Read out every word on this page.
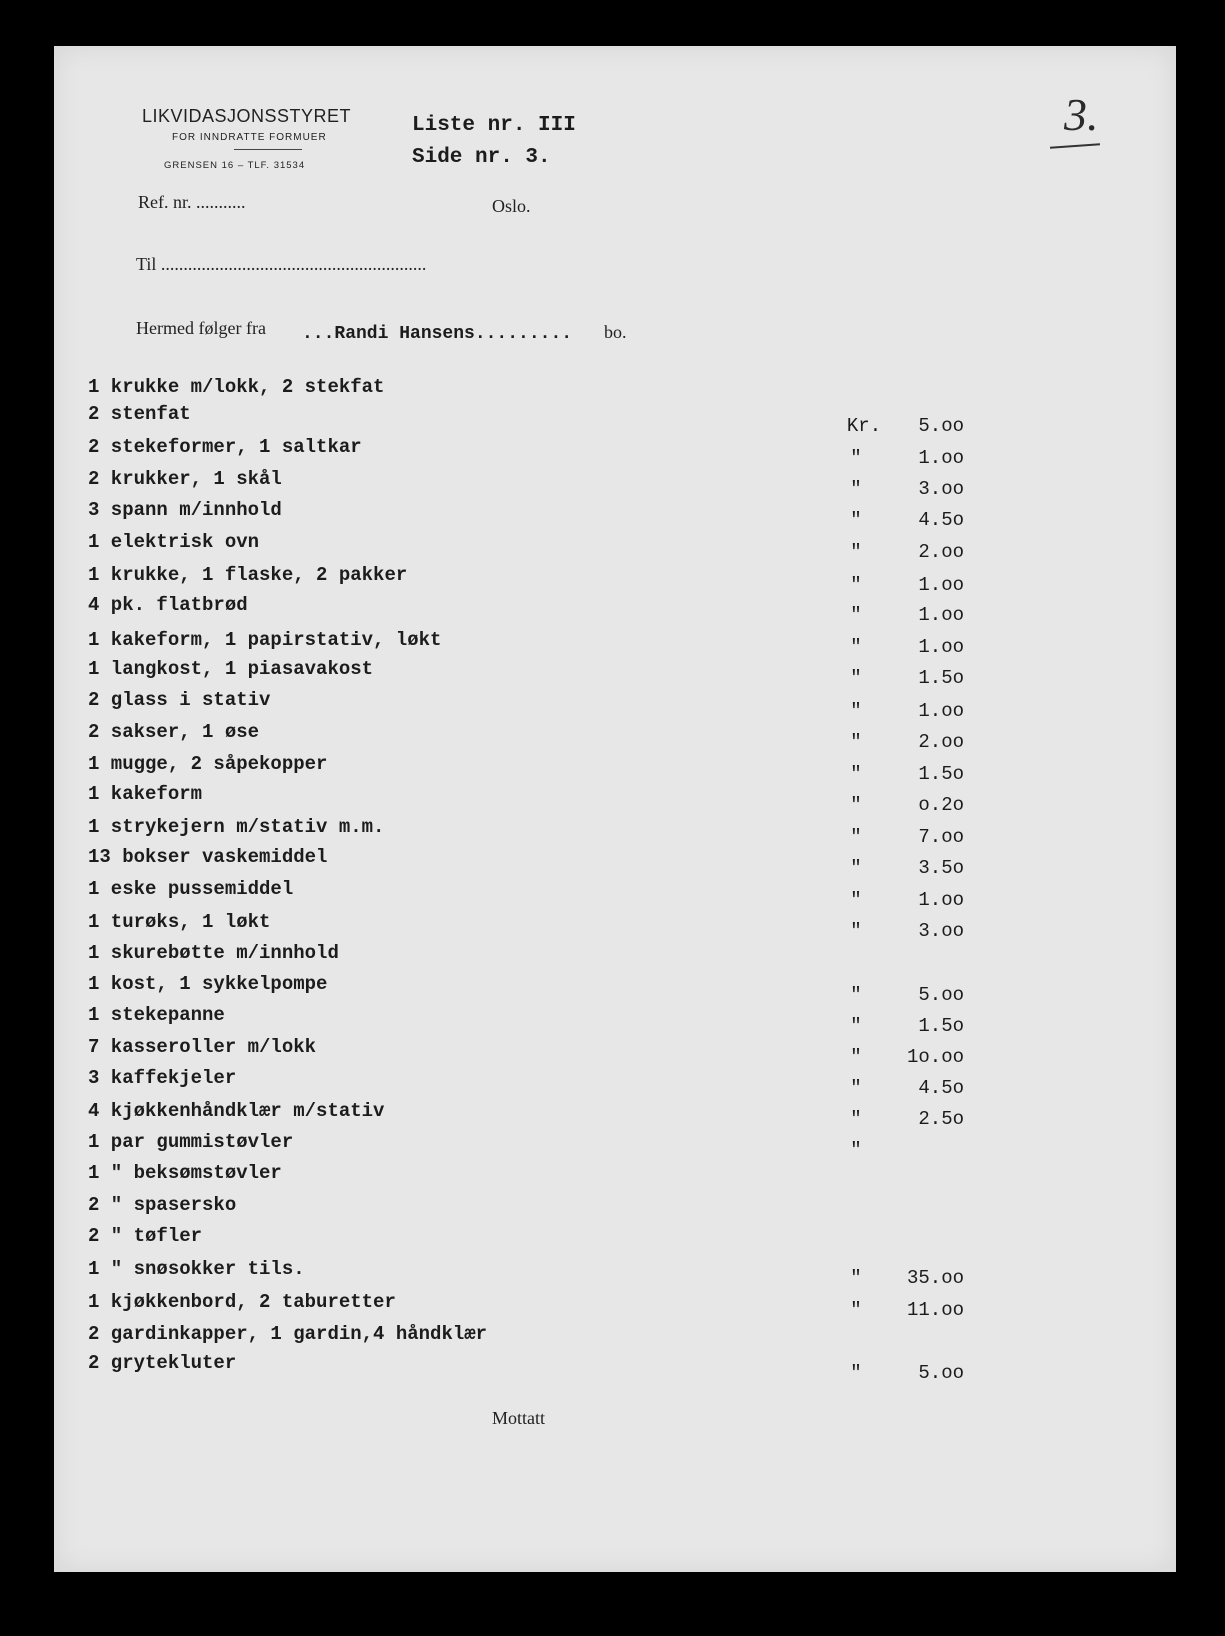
LIKVIDASJONSSTYRET
FOR INNDRATTE FORMUER
GRENSEN 16 – TLF. 31534
Liste nr. III
Side nr. 3.
3.
Ref. nr. ...........	Oslo.
Til ...........................................................
Hermed følger fra ...Randi Hansens......... bo.
1 krukke m/lokk, 2 stekfat
2 stenfat
Kr.	5.oo
2 stekeformer, 1 saltkar	"	1.oo
2 krukker, 1 skål	"	3.oo
3 spann m/innhold	"	4.5o
1 elektrisk ovn	"	2.oo
1 krukke, 1 flaske, 2 pakker	"	1.oo
4 pk. flatbrød	"	1.oo
1 kakeform, 1 papirstativ, løkt	"	1.oo
1 langkost, 1 piasavakost	"	1.5o
2 glass i stativ	"	1.oo
2 sakser, 1 øse	"	2.oo
1 mugge, 2 såpekopper	"	1.5o
1 kakeform	"	o.2o
1 strykejern m/stativ m.m.	"	7.oo
13 bokser vaskemiddel	"	3.5o
1 eske pussemiddel	"	1.oo
1 turøks, 1 løkt	"	3.oo
1 skurebøtte m/innhold
1 kost, 1 sykkelpompe	"	5.oo
1 stekepanne	"	1.5o
7 kasseroller m/lokk	"	1o.oo
3 kaffekjeler	"	4.5o
4 kjøkkenhåndklær m/stativ	"	2.5o
1 par gummistøvler	"
1 " beksømstøvler
2 " spasersko
2 " tøfler
1 " snøsokker tils.	"	35.oo
1 kjøkkenbord, 2 taburetter	"	11.oo
2 gardinkapper, 1 gardin,4 håndklær
2 grytekluter	"	5.oo
Mottatt
